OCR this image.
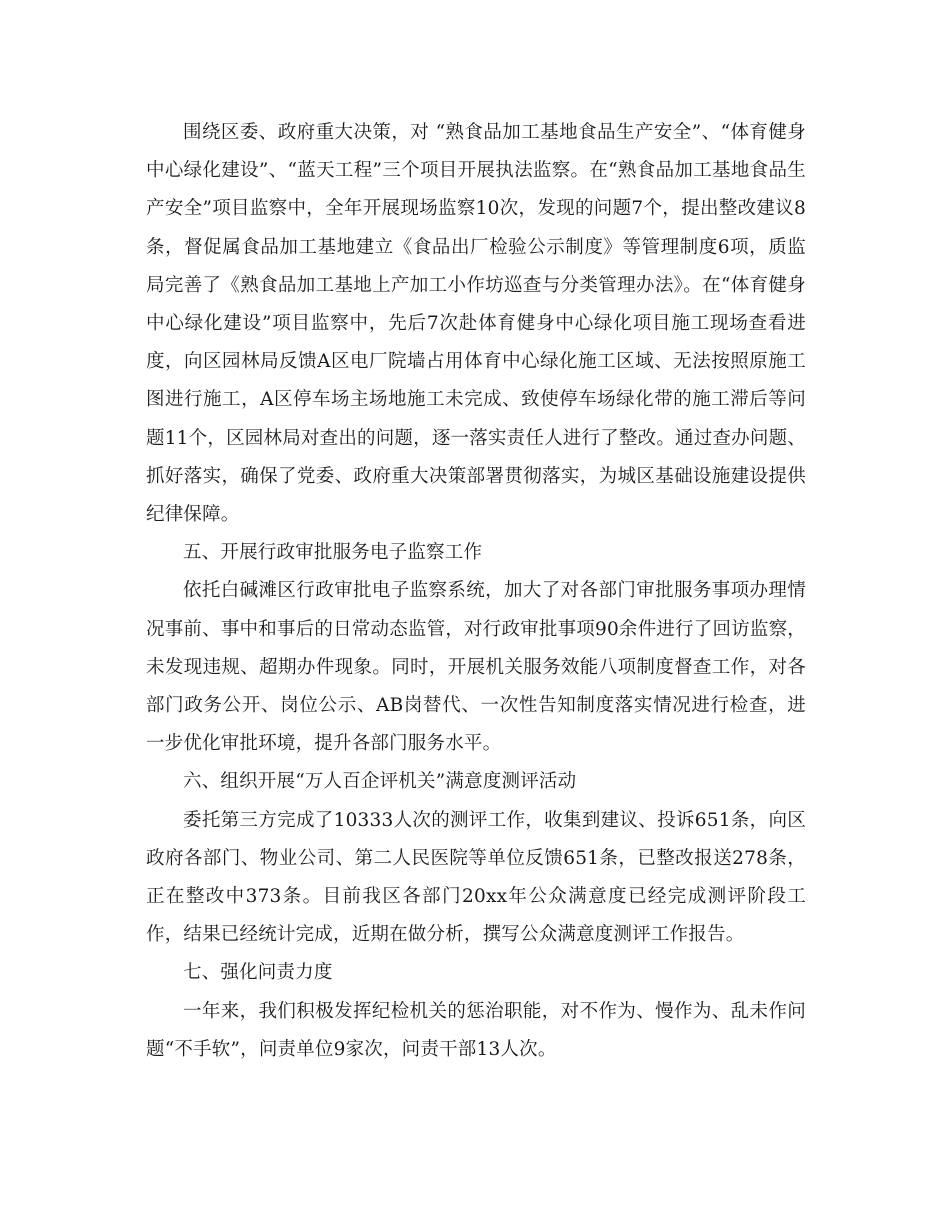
围绕区委、政府重大决策，对 “熟食品加工基地食品生产安全”、“体育健身中心绿化建设”、“蓝天工程”三个项目开展执法监察。在“熟食品加工基地食品生产安全”项目监察中，全年开展现场监察10次，发现的问题7个，提出整改建议8条，督促属食品加工基地建立《食品出厂检验公示制度》等管理制度6项，质监局完善了《熟食品加工基地上产加工小作坊巡查与分类管理办法》。在“体育健身中心绿化建设”项目监察中，先后7次赴体育健身中心绿化项目施工现场查看进度，向区园林局反馈A区电厂院墙占用体育中心绿化施工区域、无法按照原施工图进行施工，A区停车场主场地施工未完成、致使停车场绿化带的施工滞后等问题11个，区园林局对查出的问题，逐一落实责任人进行了整改。通过查办问题、抓好落实，确保了党委、政府重大决策部署贯彻落实，为城区基础设施建设提供纪律保障。

五、开展行政审批服务电子监察工作

依托白碱滩区行政审批电子监察系统，加大了对各部门审批服务事项办理情况事前、事中和事后的日常动态监管，对行政审批事项90余件进行了回访监察，未发现违规、超期办件现象。同时，开展机关服务效能八项制度督查工作，对各部门政务公开、岗位公示、AB岗替代、一次性告知制度落实情况进行检查，进一步优化审批环境，提升各部门服务水平。

六、组织开展“万人百企评机关”满意度测评活动

委托第三方完成了10333人次的测评工作，收集到建议、投诉651条，向区政府各部门、物业公司、第二人民医院等单位反馈651条，已整改报送278条，正在整改中373条。目前我区各部门20xx年公众满意度已经完成测评阶段工作，结果已经统计完成，近期在做分析，撰写公众满意度测评工作报告。

七、强化问责力度

一年来，我们积极发挥纪检机关的惩治职能，对不作为、慢作为、乱未作问题“不手软”，问责单位9家次，问责干部13人次。
